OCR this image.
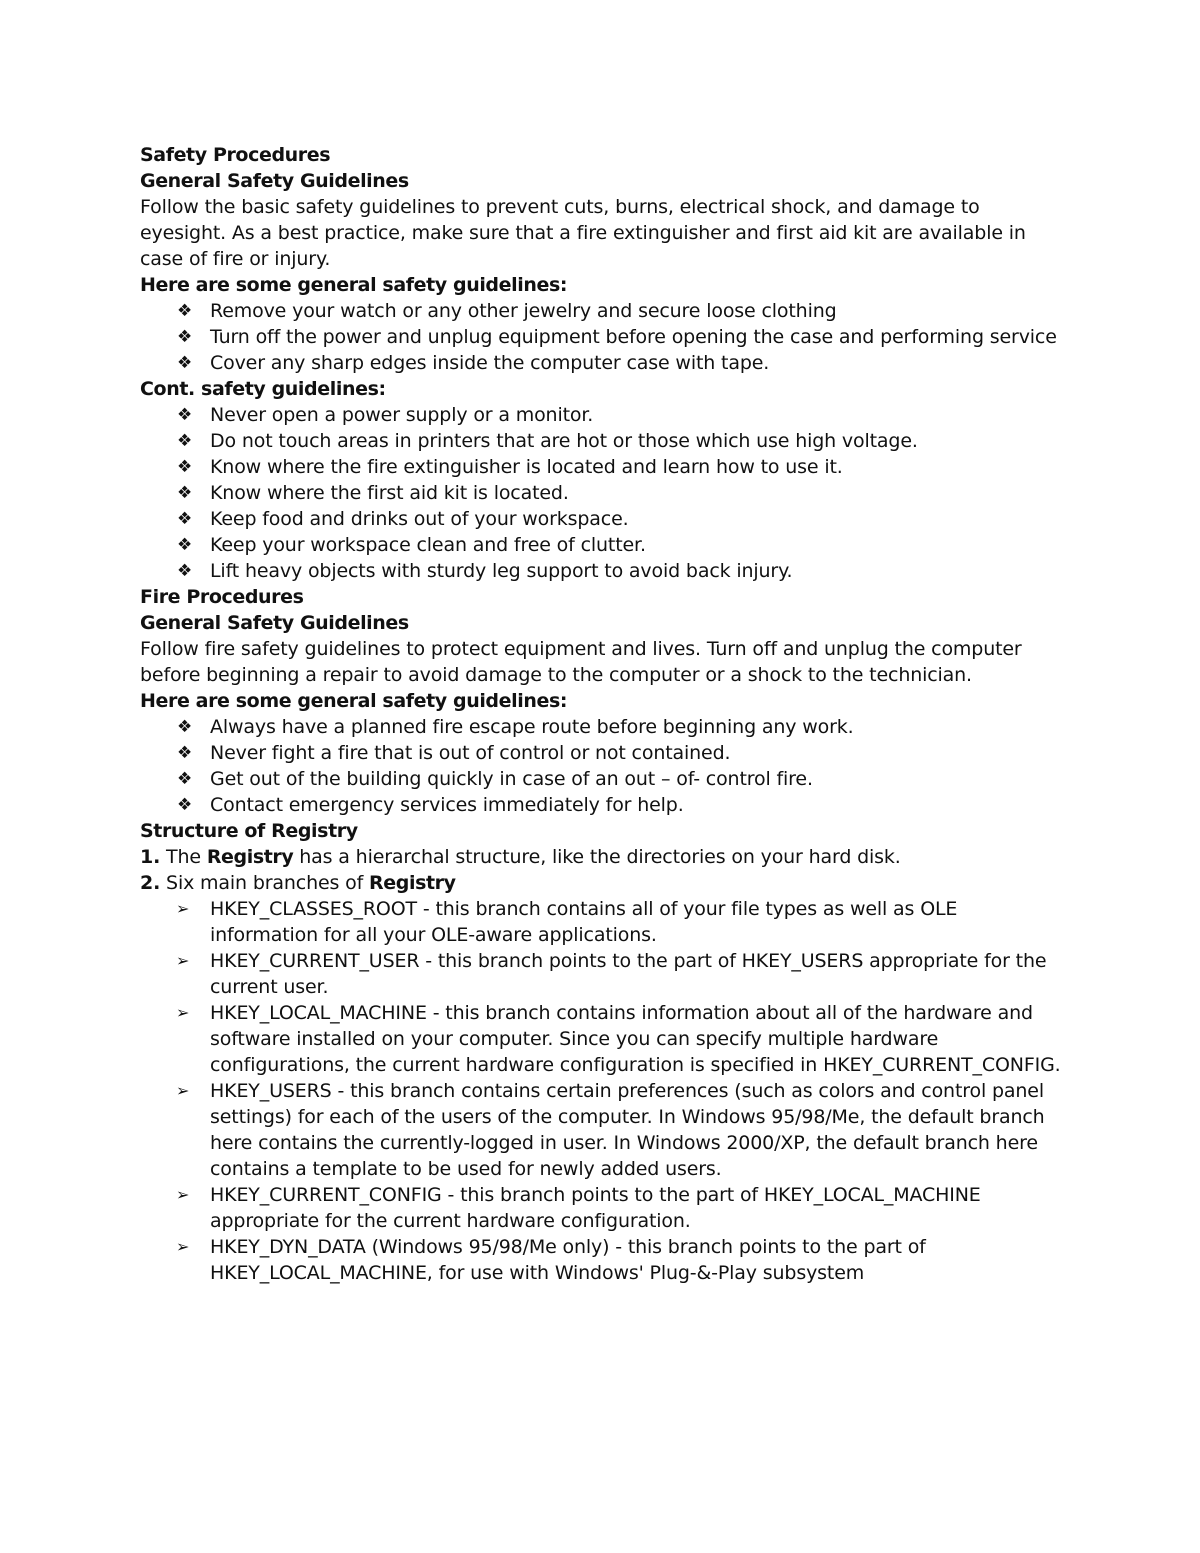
Safety Procedures
General Safety Guidelines

Follow the basic safety guidelines to prevent cuts, burns, electrical shock, and damage to eyesight. As a best practice, make sure that a fire extinguisher and first aid kit are available in case of fire or injury.

Here are some general safety guidelines:
❖ Remove your watch or any other jewelry and secure loose clothing
❖ Turn off the power and unplug equipment before opening the case and performing service
❖ Cover any sharp edges inside the computer case with tape.
Cont. safety guidelines:
❖ Never open a power supply or a monitor.
❖ Do not touch areas in printers that are hot or those which use high voltage.
❖ Know where the fire extinguisher is located and learn how to use it.
❖ Know where the first aid kit is located.
❖ Keep food and drinks out of your workspace.
❖ Keep your workspace clean and free of clutter.
❖ Lift heavy objects with sturdy leg support to avoid back injury.
Fire Procedures
General Safety Guidelines

Follow fire safety guidelines to protect equipment and lives. Turn off and unplug the computer before beginning a repair to avoid damage to the computer or a shock to the technician.

Here are some general safety guidelines:
❖ Always have a planned fire escape route before beginning any work.
❖ Never fight a fire that is out of control or not contained.
❖ Get out of the building quickly in case of an out – of- control fire.
❖ Contact emergency services immediately for help.
Structure of Registry
1. The Registry has a hierarchal structure, like the directories on your hard disk.
2. Six main branches of Registry
➢	HKEY_CLASSES_ROOT - this branch contains all of your file types as well as OLE information for all your OLE-aware applications.
➢	HKEY_CURRENT_USER - this branch points to the part of HKEY_USERS appropriate for the current user.
➢	HKEY_LOCAL_MACHINE - this branch contains information about all of the hardware and software installed on your computer. Since you can specify multiple hardware configurations, the current hardware configuration is specified in HKEY_CURRENT_CONFIG.
➢	HKEY_USERS - this branch contains certain preferences (such as colors and control panel settings) for each of the users of the computer. In Windows 95/98/Me, the default branch here contains the currently-logged in user. In Windows 2000/XP, the default branch here contains a template to be used for newly added users.
➢	HKEY_CURRENT_CONFIG - this branch points to the part of HKEY_LOCAL_MACHINE appropriate for the current hardware configuration.
➢	HKEY_DYN_DATA (Windows 95/98/Me only) - this branch points to the part of HKEY_LOCAL_MACHINE, for use with Windows' Plug-&-Play subsystem
